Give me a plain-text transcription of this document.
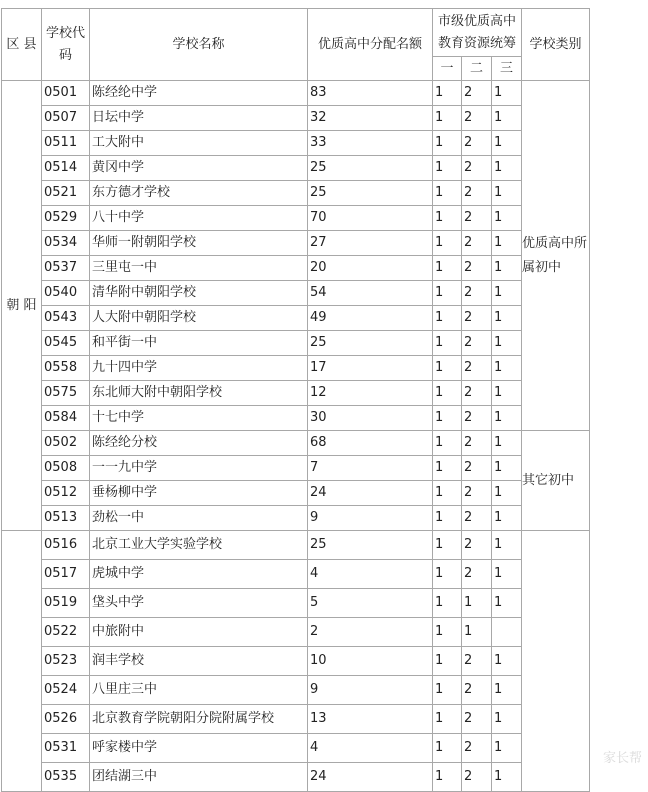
区 县	学校代码	学校名称	优质高中分配名额	市级优质高中教育资源统筹			学校类别
				一	二	三	
朝 阳	0501	陈经纶中学	83	1	2	1	优质高中所属初中
	0507	日坛中学	32	1	2	1	
	0511	工大附中	33	1	2	1	
	0514	黄冈中学	25	1	2	1	
	0521	东方德才学校	25	1	2	1	
	0529	八十中学	70	1	2	1	
	0534	华师一附朝阳学校	27	1	2	1	
	0537	三里屯一中	20	1	2	1	
	0540	清华附中朝阳学校	54	1	2	1	
	0543	人大附中朝阳学校	49	1	2	1	
	0545	和平街一中	25	1	2	1	
	0558	九十四中学	17	1	2	1	
	0575	东北师大附中朝阳学校	12	1	2	1	
	0584	十七中学	30	1	2	1	
	0502	陈经纶分校	68	1	2	1	其它初中
	0508	一一九中学	7	1	2	1	
	0512	垂杨柳中学	24	1	2	1	
	0513	劲松一中	9	1	2	1	
	0516	北京工业大学实验学校	25	1	2	1	
	0517	虎城中学	4	1	2	1	
	0519	垡头中学	5	1	1	1	
	0522	中旅附中	2	1	1		
	0523	润丰学校	10	1	2	1	
	0524	八里庄三中	9	1	2	1	
	0526	北京教育学院朝阳分院附属学校	13	1	2	1	
	0531	呼家楼中学	4	1	2	1	
	0535	团结湖三中	24	1	2	1	
家长帮
